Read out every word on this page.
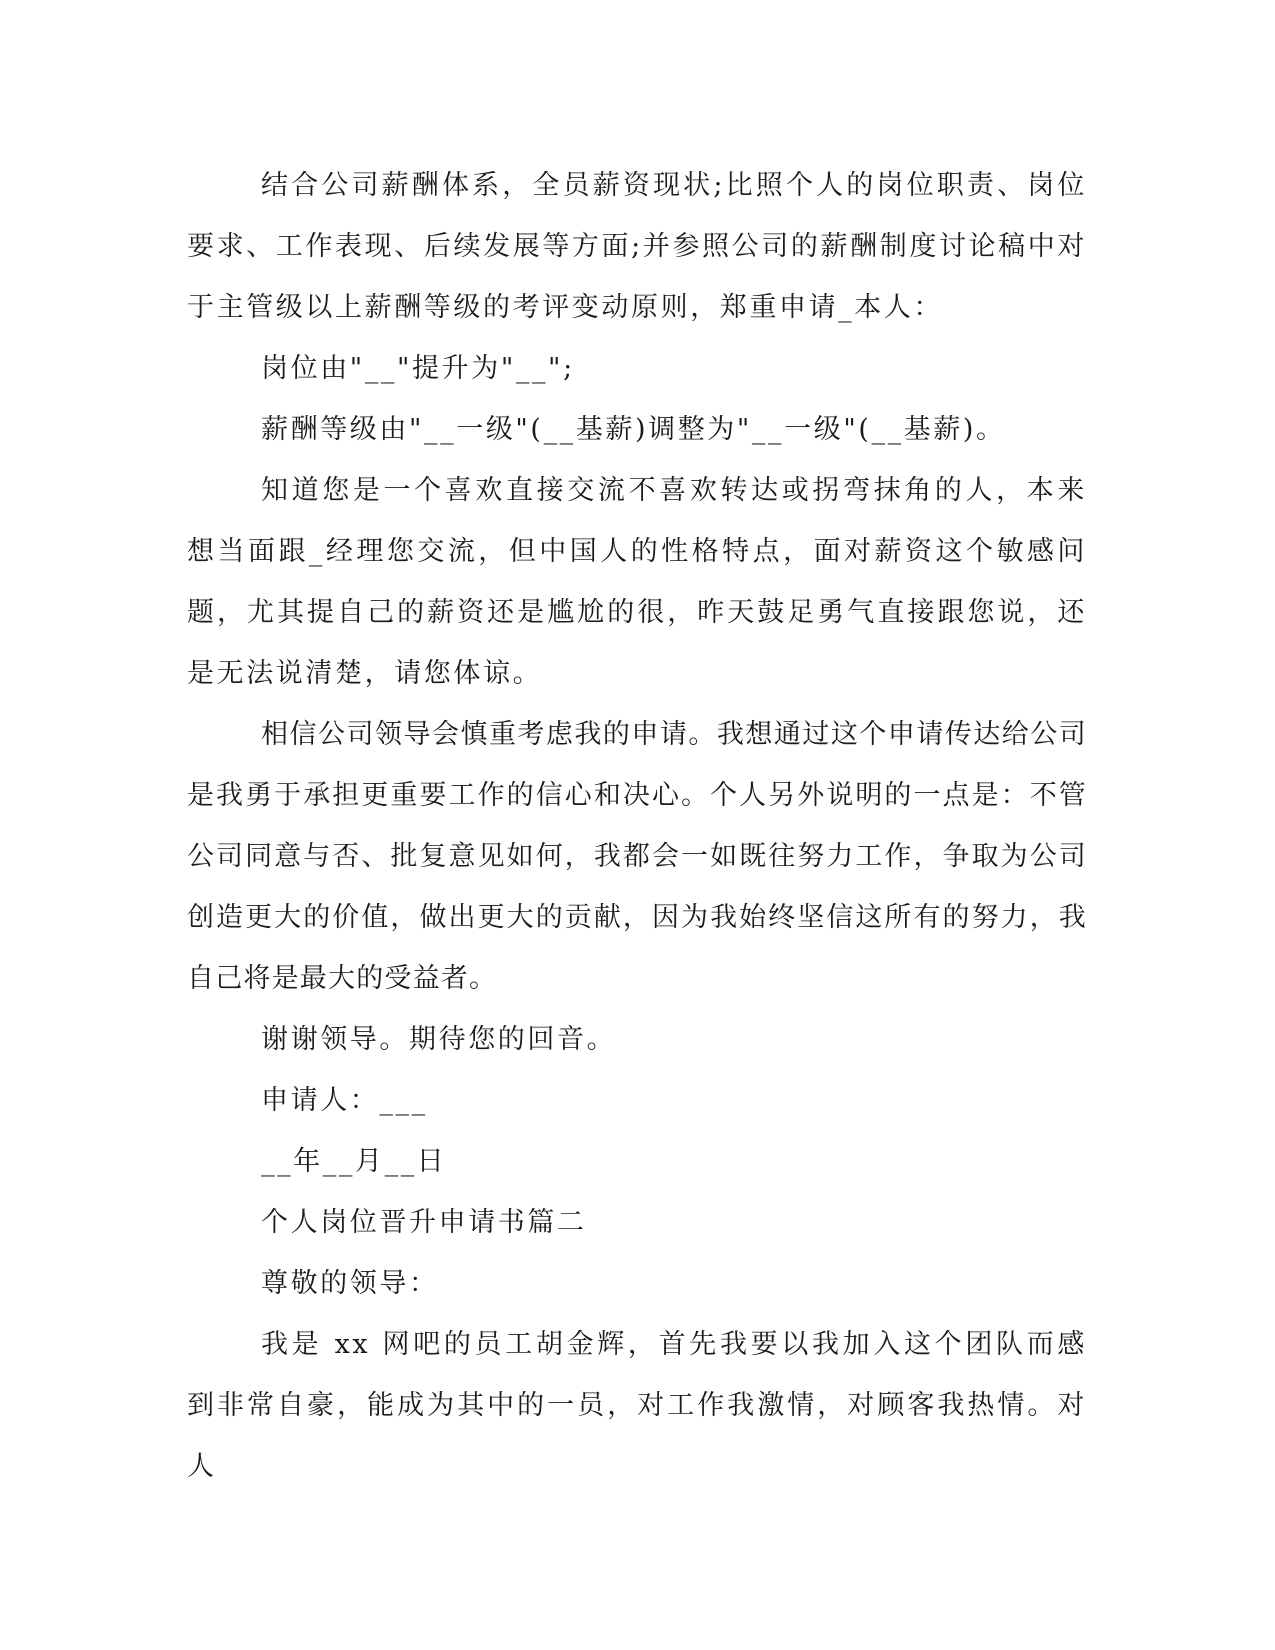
结合公司薪酬体系，全员薪资现状;比照个人的岗位职责、岗位要求、工作表现、后续发展等方面;并参照公司的薪酬制度讨论稿中对于主管级以上薪酬等级的考评变动原则，郑重申请_本人：

岗位由"__"提升为"__";

薪酬等级由"__一级"(__基薪)调整为"__一级"(__基薪)。

知道您是一个喜欢直接交流不喜欢转达或拐弯抹角的人，本来想当面跟_经理您交流，但中国人的性格特点，面对薪资这个敏感问题，尤其提自己的薪资还是尴尬的很，昨天鼓足勇气直接跟您说，还是无法说清楚，请您体谅。

相信公司领导会慎重考虑我的申请。我想通过这个申请传达给公司是我勇于承担更重要工作的信心和决心。个人另外说明的一点是：不管公司同意与否、批复意见如何，我都会一如既往努力工作，争取为公司创造更大的价值，做出更大的贡献，因为我始终坚信这所有的努力，我自己将是最大的受益者。

谢谢领导。期待您的回音。

申请人：___

__年__月__日

个人岗位晋升申请书篇二

尊敬的领导：

我是 xx 网吧的员工胡金辉，首先我要以我加入这个团队而感到非常自豪，能成为其中的一员，对工作我激情，对顾客我热情。对人
